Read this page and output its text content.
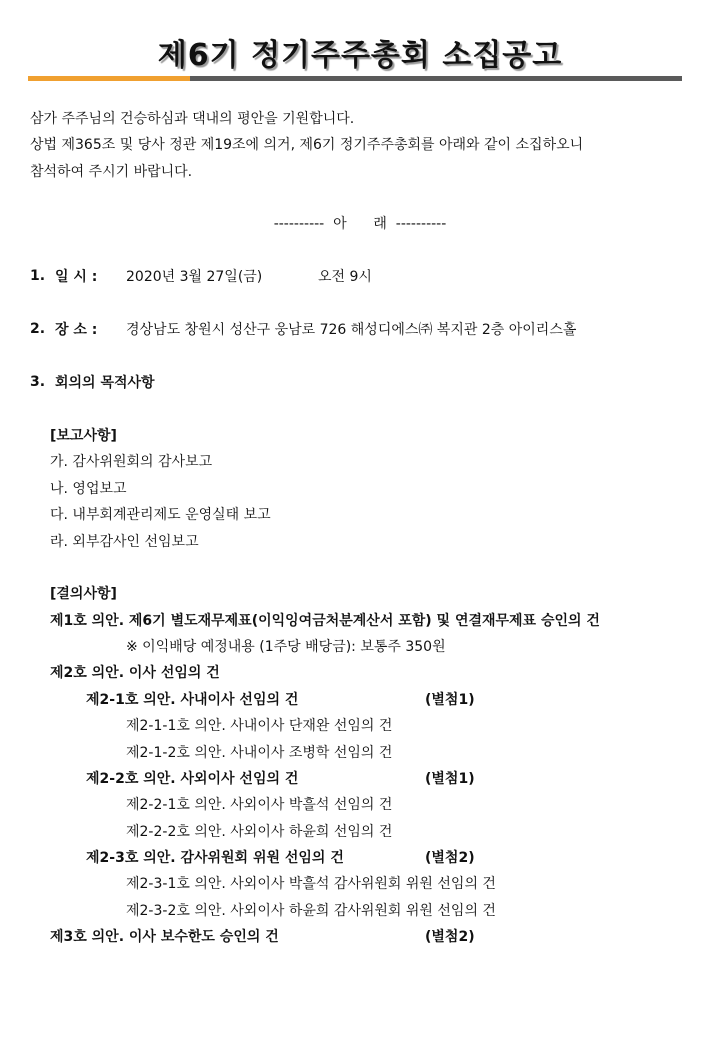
제6기 정기주주총회 소집공고
삼가 주주님의 건승하심과 댁내의 평안을 기원합니다.
상법 제365조 및 당사 정관 제19조에 의거, 제6기 정기주주총회를 아래와 같이 소집하오니
참석하여 주시기 바랍니다.
----------  아      래  ----------
1. 일 시 : 2020년 3월 27일(금)	오전 9시
2. 장 소 : 경상남도 창원시 성산구 웅남로 726 해성디에스㈜ 복지관 2층 아이리스홀
3. 회의의 목적사항
[보고사항]
가. 감사위원회의 감사보고
나. 영업보고
다. 내부회계관리제도 운영실태 보고
라. 외부감사인 선임보고
[결의사항]
제1호 의안. 제6기 별도재무제표(이익잉여금처분계산서 포함) 및 연결재무제표 승인의 건
※ 이익배당 예정내용 (1주당 배당금): 보통주 350원
제2호 의안. 이사 선임의 건
제2-1호 의안. 사내이사 선임의 건	(별첨1)
제2-1-1호 의안. 사내이사 단재완 선임의 건
제2-1-2호 의안. 사내이사 조병학 선임의 건
제2-2호 의안. 사외이사 선임의 건	(별첨1)
제2-2-1호 의안. 사외이사 박흘석 선임의 건
제2-2-2호 의안. 사외이사 하윤희 선임의 건
제2-3호 의안. 감사위원회 위원 선임의 건	(별첨2)
제2-3-1호 의안. 사외이사 박흘석 감사위원회 위원 선임의 건
제2-3-2호 의안. 사외이사 하윤희 감사위원회 위원 선임의 건
제3호 의안. 이사 보수한도 승인의 건	(별첨2)
